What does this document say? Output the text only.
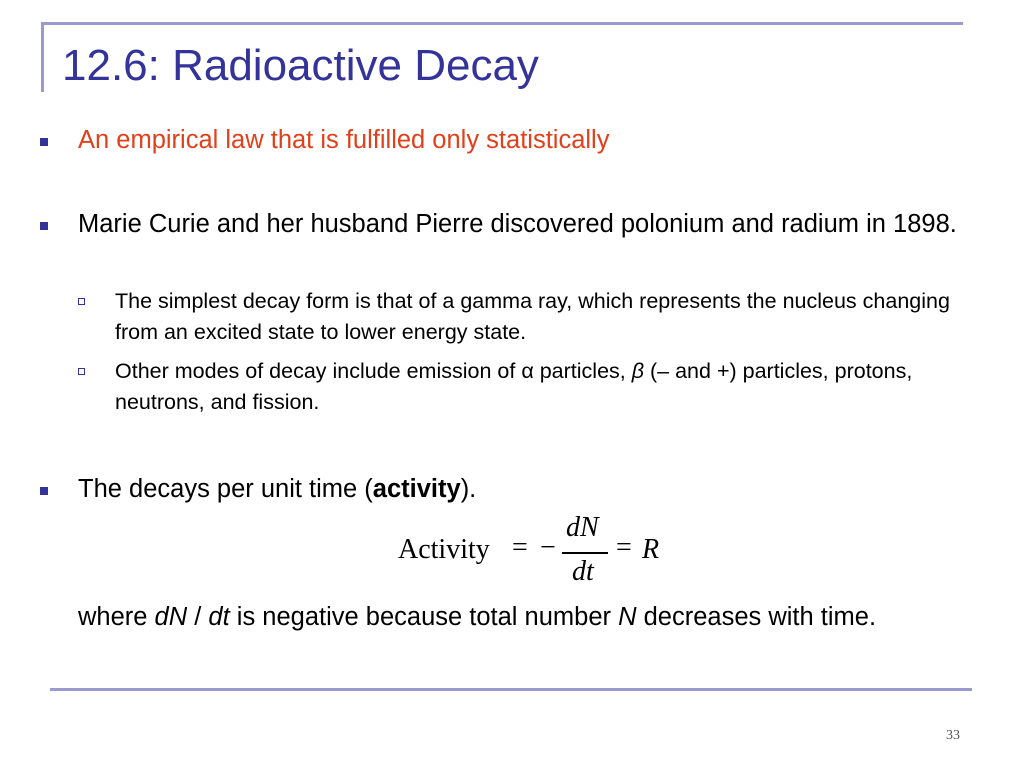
12.6: Radioactive Decay
An empirical law that is fulfilled only statistically
Marie Curie and her husband Pierre discovered polonium and radium in 1898.
The simplest decay form is that of a gamma ray, which represents the nucleus changing from an excited state to lower energy state.
Other modes of decay include emission of α particles, β (– and +) particles, protons, neutrons, and fission.
The decays per unit time (activity).
Activity = −
dN
dt
= R
where dN / dt is negative because total number N decreases with time.
33
